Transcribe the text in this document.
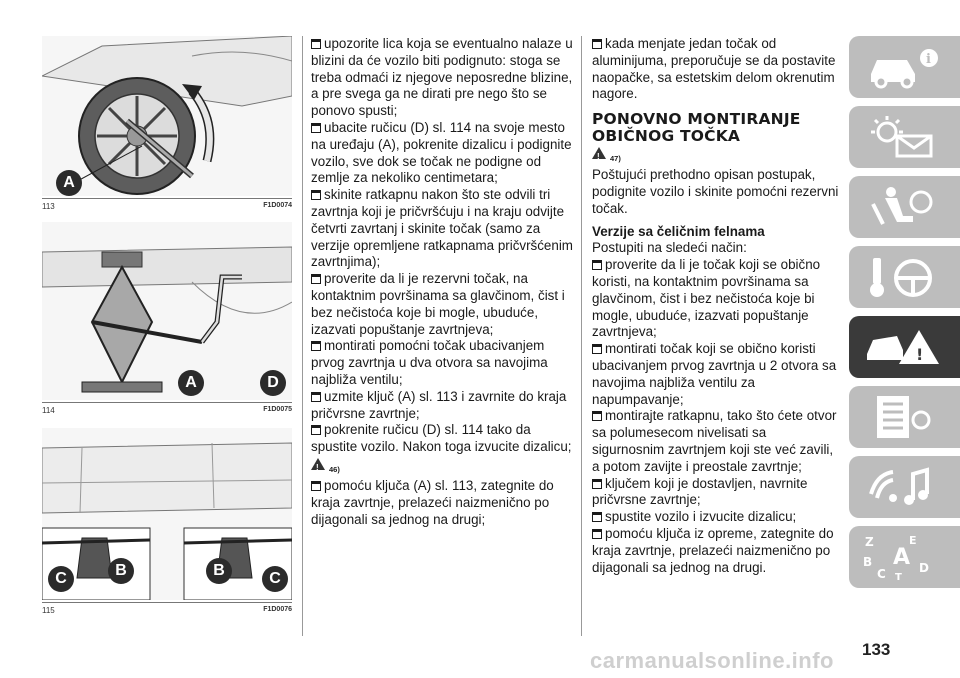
A
113	F1D0074
A	D
114	F1D0075
C	B	B	C
115	F1D0076
upozorite lica koja se eventualno nalaze u blizini da će vozilo biti podignuto: stoga se treba odmaći iz njegove neposredne blizine, a pre svega ga ne dirati pre nego što se ponovo spusti;
ubacite ručicu (D) sl. 114 na svoje mesto na uređaju (A), pokrenite dizalicu i podignite vozilo, sve dok se točak ne podigne od zemlje za nekoliko centimetara;
skinite ratkapnu nakon što ste odvili tri zavrtnja koji je pričvršćuju i na kraju odvijte četvrti zavrtanj i skinite točak (samo za verzije opremljene ratkapnama pričvršćenim zavrtnjima);
proverite da li je rezervni točak, na kontaktnim površinama sa glavčinom, čist i bez nečistoća koje bi mogle, ubuduće, izazvati popuštanje zavrtnjeva;
montirati pomoćni točak ubacivanjem prvog zavrtnja u dva otvora sa navojima najbliža ventilu;
uzmite ključ (A) sl. 113 i zavrnite do kraja pričvrsne zavrtnje;
pokrenite ručicu (D) sl. 114 tako da spustite vozilo. Nakon toga izvucite dizalicu;
!
46)
pomoću ključa (A) sl. 113, zategnite do kraja zavrtnje, prelazeći naizmenično po dijagonali sa jednog na drugi;
kada menjate jedan točak od aluminijuma, preporučuje se da postavite naopačke, sa estetskim delom okrenutim nagore.
PONOVNO MONTIRANJE OBIČNOG TOČKA
!
47)

Poštujući prethodno opisan postupak, podignite vozilo i skinite pomoćni rezervni točak.

Verzije sa čeličnim felnama

Postupiti na sledeći način:

proverite da li je točak koji se obično koristi, na kontaktnim površinama sa glavčinom, čist i bez nečistoća koje bi mogle, ubuduće, izazvati popuštanje zavrtnjeva;
montirati točak koji se obično koristi ubacivanjem prvog zavrtnja u 2 otvora sa navojima najbliža ventilu za napumpavanje;
montirajte ratkapnu, tako što ćete otvor sa polumesecom nivelisati sa sigurnosnim zavrtnjem koji ste već zavili, a potom zavijte i preostale zavrtnje;
ključem koji je dostavljen, navrnite pričvrsne zavrtnje;
spustite vozilo i izvucite dizalicu;
pomoću ključa iz opreme, zategnite do kraja zavrtnje, prelazeći naizmenično po dijagonali sa jednog na drugi.
i
!
Z	E
B A
C	D
T
carmanualsonline.info 133
